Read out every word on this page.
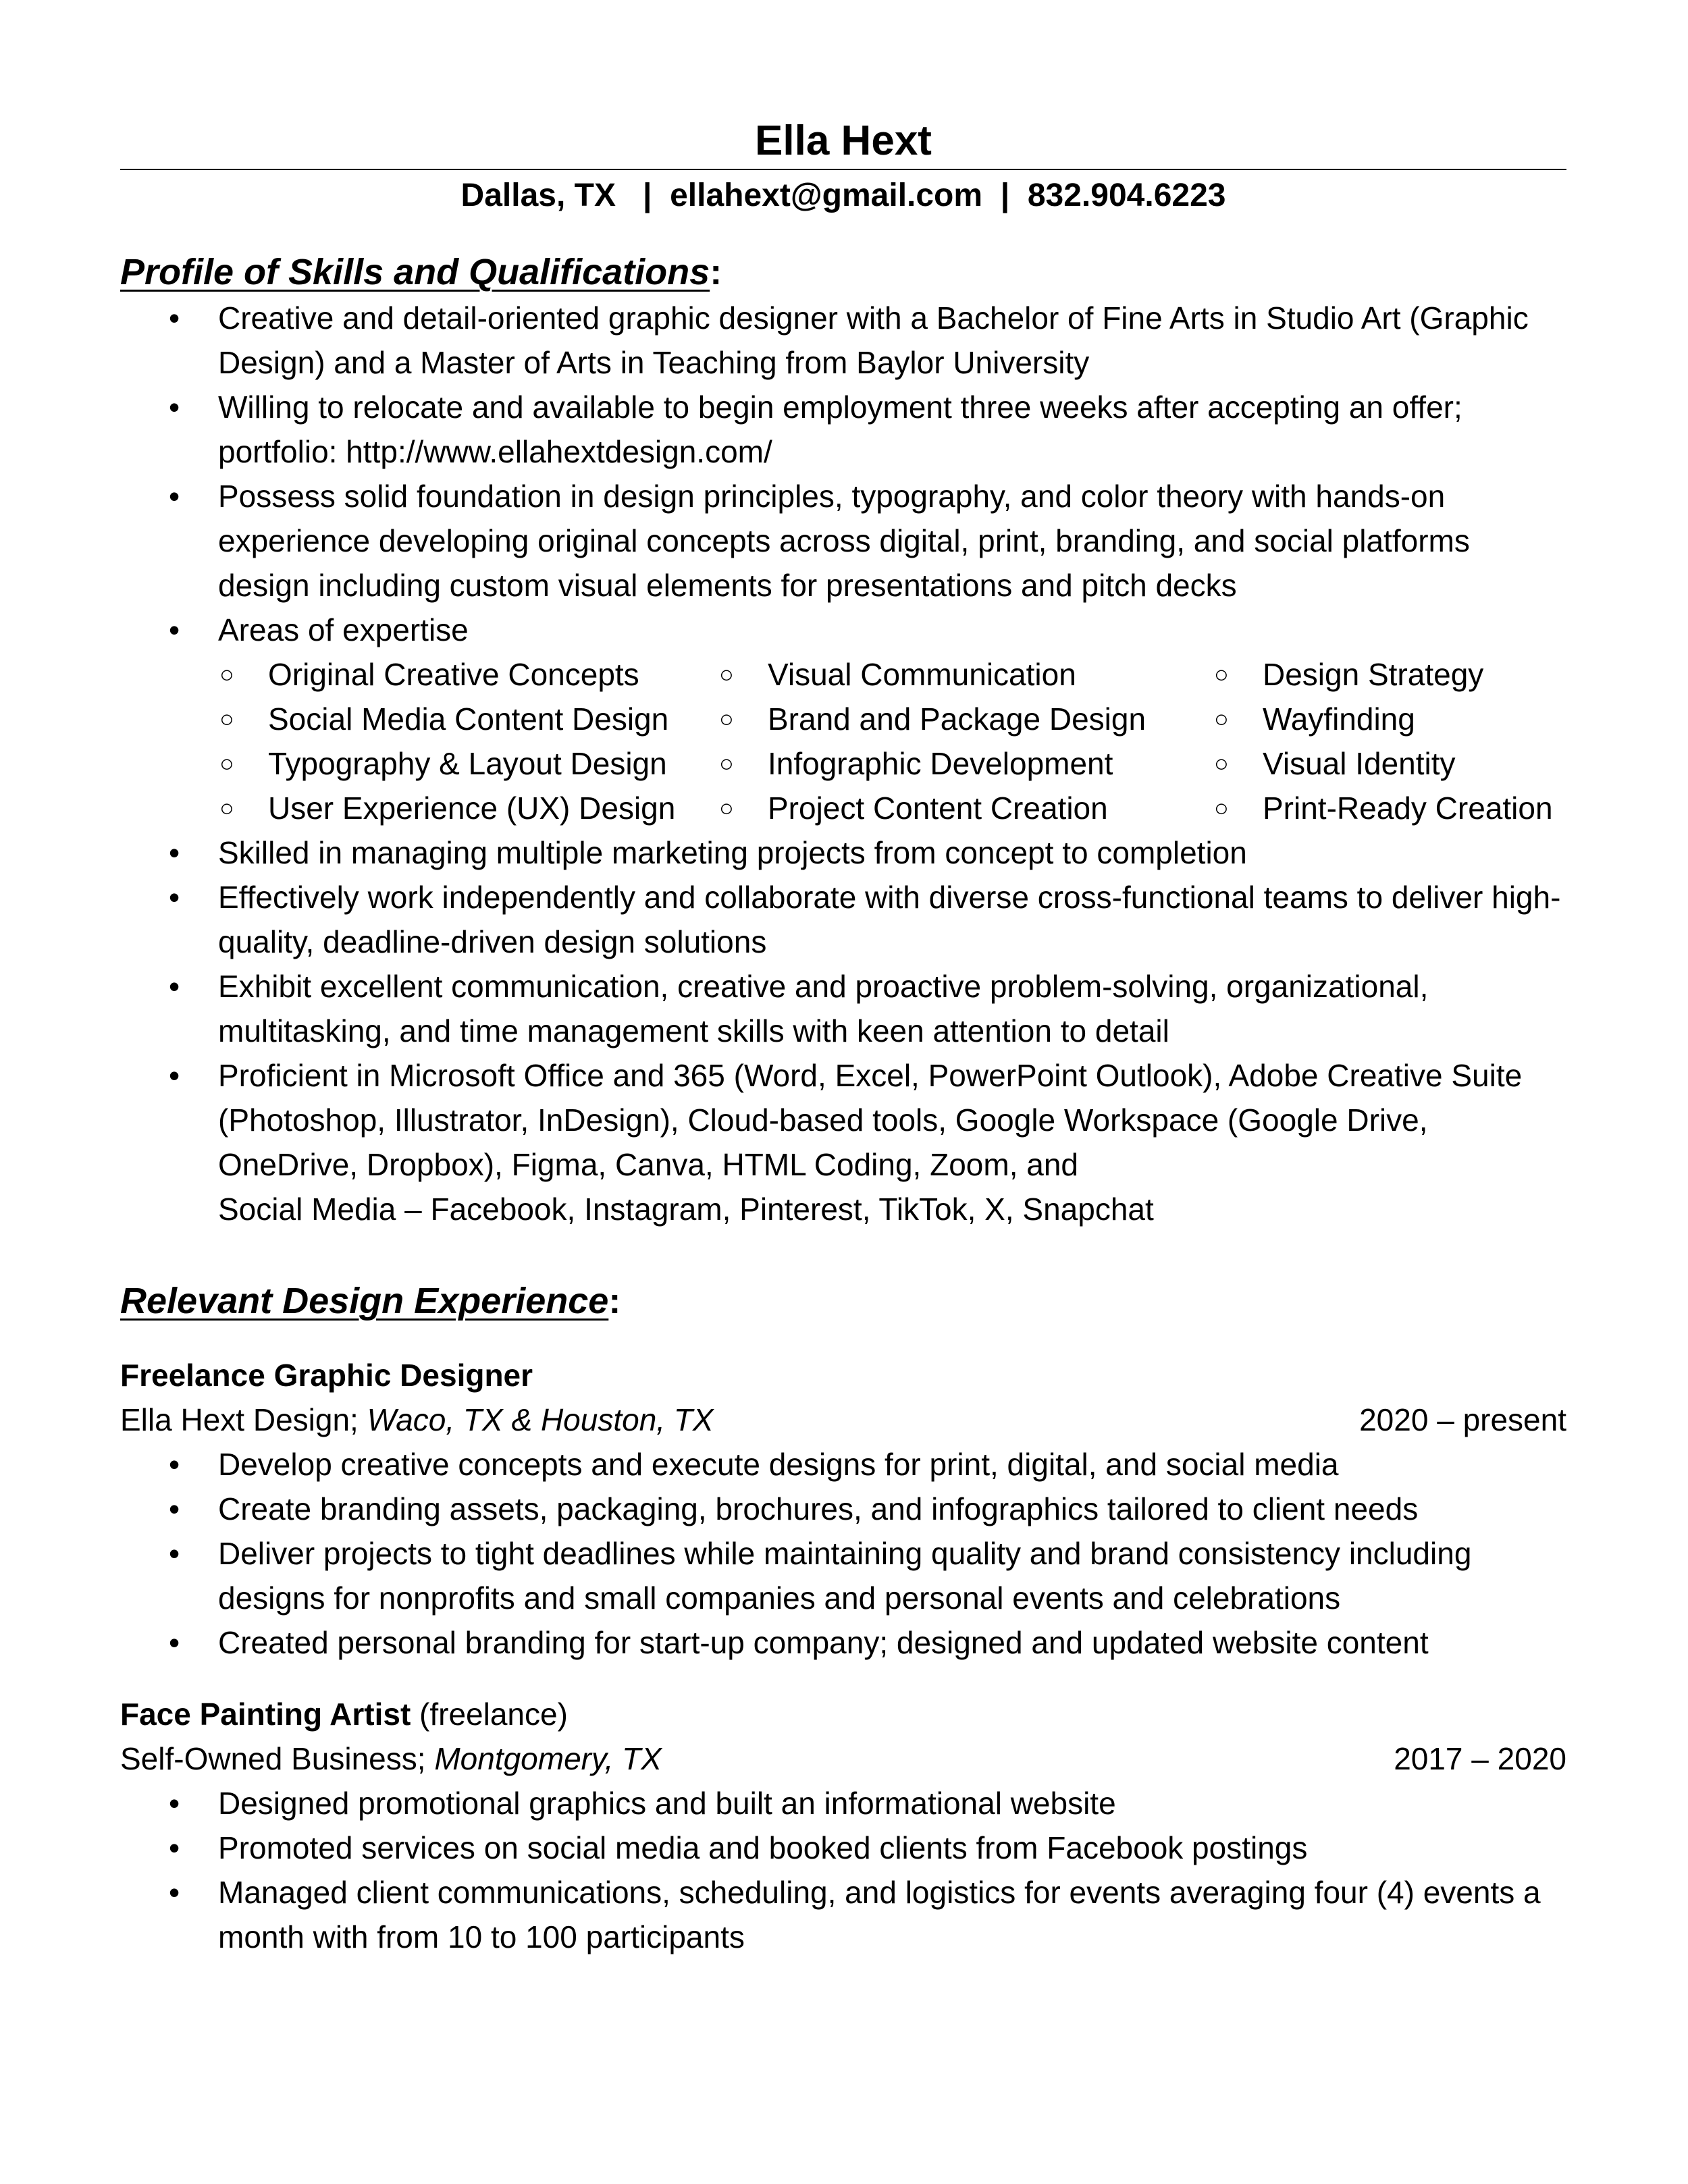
Ella Hext
Dallas, TX | ellahext@gmail.com | 832.904.6223
Profile of Skills and Qualifications:
• Creative and detail-oriented graphic designer with a Bachelor of Fine Arts in Studio Art (Graphic Design) and a Master of Arts in Teaching from Baylor University
• Willing to relocate and available to begin employment three weeks after accepting an offer; portfolio: http://www.ellahextdesign.com/
• Possess solid foundation in design principles, typography, and color theory with hands-on experience developing original concepts across digital, print, branding, and social platforms design including custom visual elements for presentations and pitch decks
• Areas of expertise
○ Original Creative Concepts	○ Visual Communication	○ Design Strategy
○ Social Media Content Design	○ Brand and Package Design	○ Wayfinding
○ Typography & Layout Design	○ Infographic Development	○ Visual Identity
○ User Experience (UX) Design	○ Project Content Creation	○ Print-Ready Creation
• Skilled in managing multiple marketing projects from concept to completion
• Effectively work independently and collaborate with diverse cross-functional teams to deliver high-quality, deadline-driven design solutions
• Exhibit excellent communication, creative and proactive problem-solving, organizational, multitasking, and time management skills with keen attention to detail
• Proficient in Microsoft Office and 365 (Word, Excel, PowerPoint Outlook), Adobe Creative Suite (Photoshop, Illustrator, InDesign), Cloud-based tools, Google Workspace (Google Drive, OneDrive, Dropbox), Figma, Canva, HTML Coding, Zoom, and
Social Media – Facebook, Instagram, Pinterest, TikTok, X, Snapchat
Relevant Design Experience:
Freelance Graphic Designer
Ella Hext Design; Waco, TX & Houston, TX	2020 – present
• Develop creative concepts and execute designs for print, digital, and social media
• Create branding assets, packaging, brochures, and infographics tailored to client needs
• Deliver projects to tight deadlines while maintaining quality and brand consistency including designs for nonprofits and small companies and personal events and celebrations
• Created personal branding for start-up company; designed and updated website content
Face Painting Artist (freelance)
Self-Owned Business; Montgomery, TX	2017 – 2020
• Designed promotional graphics and built an informational website
• Promoted services on social media and booked clients from Facebook postings
• Managed client communications, scheduling, and logistics for events averaging four (4) events a month with from 10 to 100 participants
